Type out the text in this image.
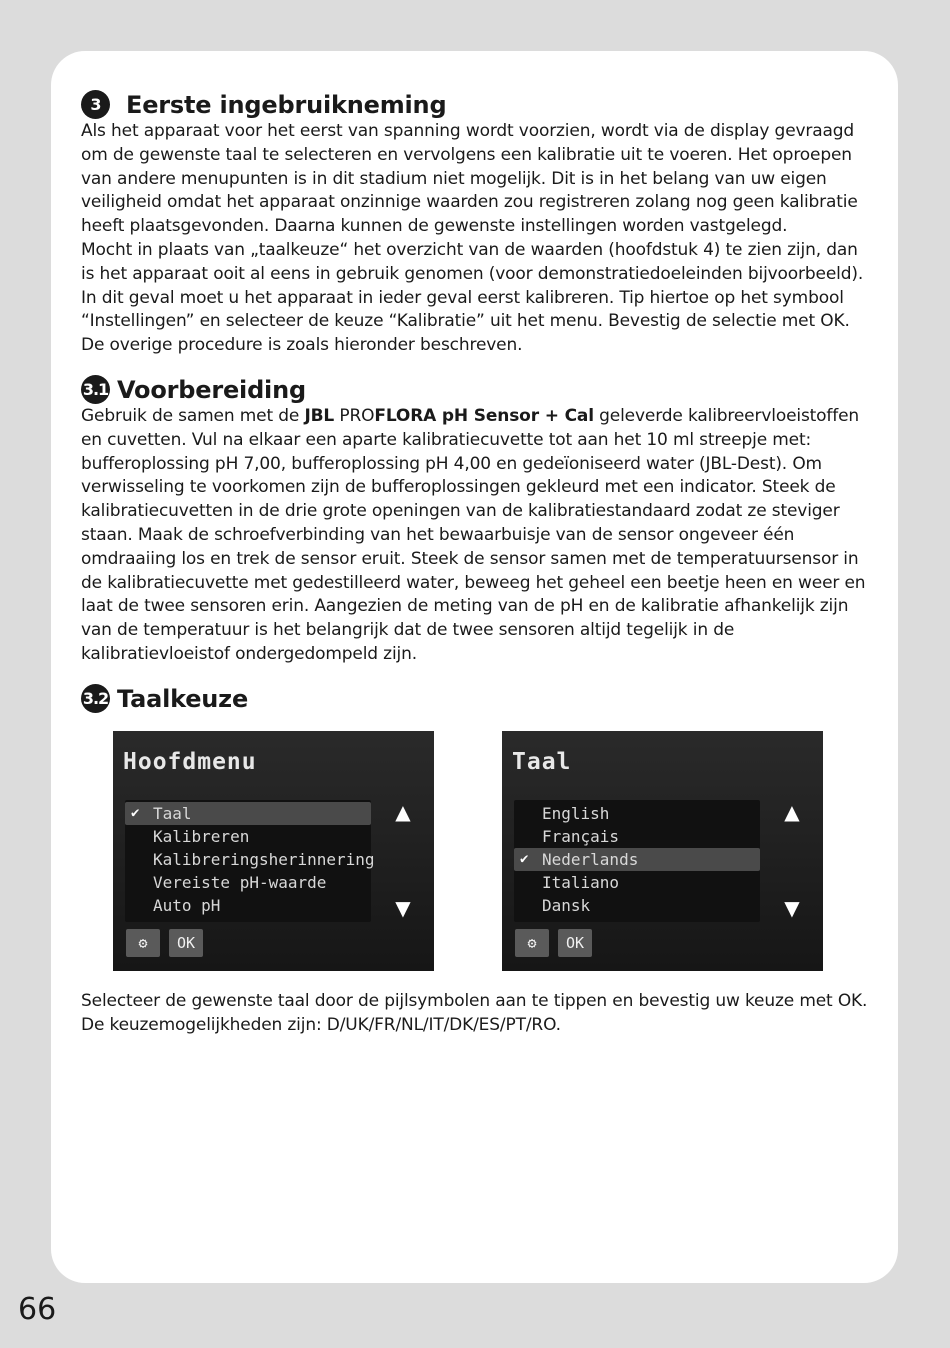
3	Eerste ingebruikneming

Als het apparaat voor het eerst van spanning wordt voorzien, wordt via de display gevraagd om de gewenste taal te selecteren en vervolgens een kalibratie uit te voeren. Het oproepen van andere menupunten is in dit stadium niet mogelijk. Dit is in het belang van uw eigen veiligheid omdat het apparaat onzinnige waarden zou registreren zolang nog geen kalibratie heeft plaatsgevonden. Daarna kunnen de gewenste instellingen worden vastgelegd.
Mocht in plaats van „taalkeuze“ het overzicht van de waarden (hoofdstuk 4) te zien zijn, dan is het apparaat ooit al eens in gebruik genomen (voor demonstratiedoeleinden bijvoorbeeld). In dit geval moet u het apparaat in ieder geval eerst kalibreren. Tip hiertoe op het symbool “Instellingen” en selecteer de keuze “Kalibratie” uit het menu. Bevestig de selectie met OK. De overige procedure is zoals hieronder beschreven.

3.1 Voorbereiding

Gebruik de samen met de JBL PROFLORA pH Sensor + Cal geleverde kalibreervloeistoffen en cuvetten. Vul na elkaar een aparte kalibratiecuvette tot aan het 10 ml streepje met: bufferoplossing pH 7,00, bufferoplossing pH 4,00 en gedeïoniseerd water (JBL-Dest). Om verwisseling te voorkomen zijn de bufferoplossingen gekleurd met een indicator. Steek de kalibratiecuvetten in de drie grote openingen van de kalibratiestandaard zodat ze steviger staan. Maak de schroefverbinding van het bewaarbuisje van de sensor ongeveer één omdraaiing los en trek de sensor eruit. Steek de sensor samen met de temperatuursensor in de kalibratiecuvette met gedestilleerd water, beweeg het geheel een beetje heen en weer en laat de twee sensoren erin. Aangezien de meting van de pH en de kalibratie afhankelijk zijn van de temperatuur is het belangrijk dat de twee sensoren altijd tegelijk in de kalibratievloeistof ondergedompeld zijn.

3.2 Taalkeuze
Hoofdmenu
✔ Taal
Kalibreren
Kalibreringsherinnering
Vereiste pH-waarde
Auto pH
▲
▼
⚙	OK
Taal
English
Français
✔ Nederlands
Italiano
Dansk
▲
▼
⚙	OK

Selecteer de gewenste taal door de pijlsymbolen aan te tippen en bevestig uw keuze met OK. De keuzemogelijkheden zijn: D/UK/FR/NL/IT/DK/ES/PT/RO.

66
